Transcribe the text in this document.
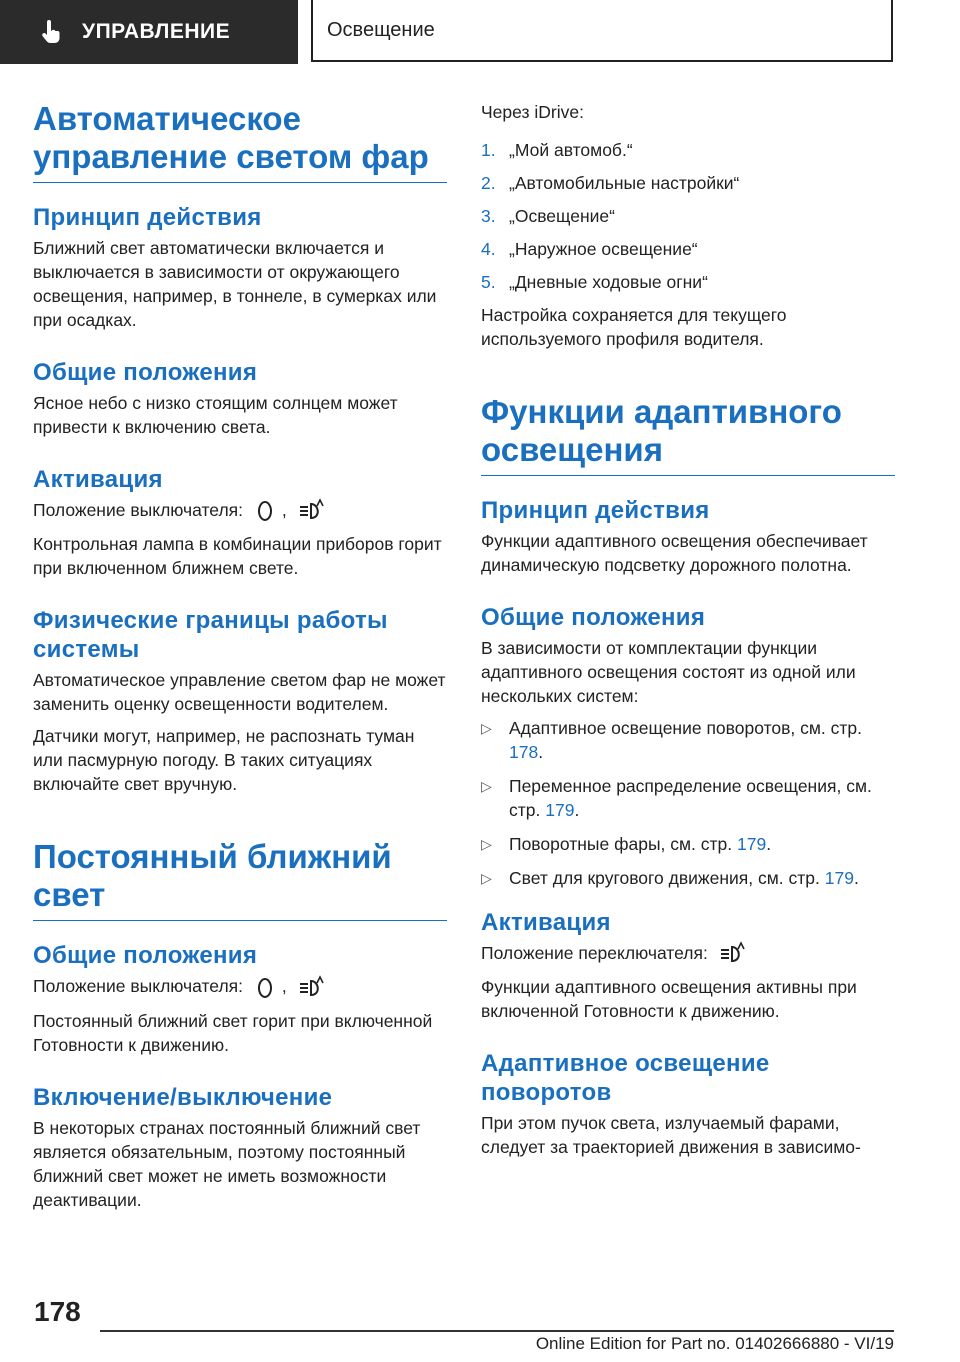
УПРАВЛЕНИЕ	Освещение
Автоматическое управление светом фар
Принцип действия
Ближний свет автоматически включается и выключается в зависимости от окружающего освещения, например, в тоннеле, в сумерках или при осадках.
Общие положения
Ясное небо с низко стоящим солнцем может привести к включению света.
Активация
Положение выключателя: ,
Контрольная лампа в комбинации приборов горит при включенном ближнем свете.
Физические границы работы системы
Автоматическое управление светом фар не может заменить оценку освещенности водителем.
Датчики могут, например, не распознать туман или пасмурную погоду. В таких ситуациях включайте свет вручную.
Постоянный ближний свет
Общие положения
Положение выключателя: ,
Постоянный ближний свет горит при включенной Готовности к движению.
Включение/выключение
В некоторых странах постоянный ближний свет является обязательным, поэтому постоянный ближний свет может не иметь возможности деактивации.
Через iDrive:
1. „Мой автомоб.“
2. „Автомобильные настройки“
3. „Освещение“
4. „Наружное освещение“
5. „Дневные ходовые огни“
Настройка сохраняется для текущего используемого профиля водителя.
Функции адаптивного освещения
Принцип действия
Функции адаптивного освещения обеспечивает динамическую подсветку дорожного полотна.
Общие положения
В зависимости от комплектации функции адаптивного освещения состоят из одной или нескольких систем:
▷ Адаптивное освещение поворотов, см. стр. 178.
▷ Переменное распределение освещения, см. стр. 179.
▷ Поворотные фары, см. стр. 179.
▷ Свет для кругового движения, см. стр. 179.
Активация
Положение переключателя:
Функции адаптивного освещения активны при включенной Готовности к движению.
Адаптивное освещение поворотов
При этом пучок света, излучаемый фарами, следует за траекторией движения в зависимо-
178
Online Edition for Part no. 01402666880 - VI/19
